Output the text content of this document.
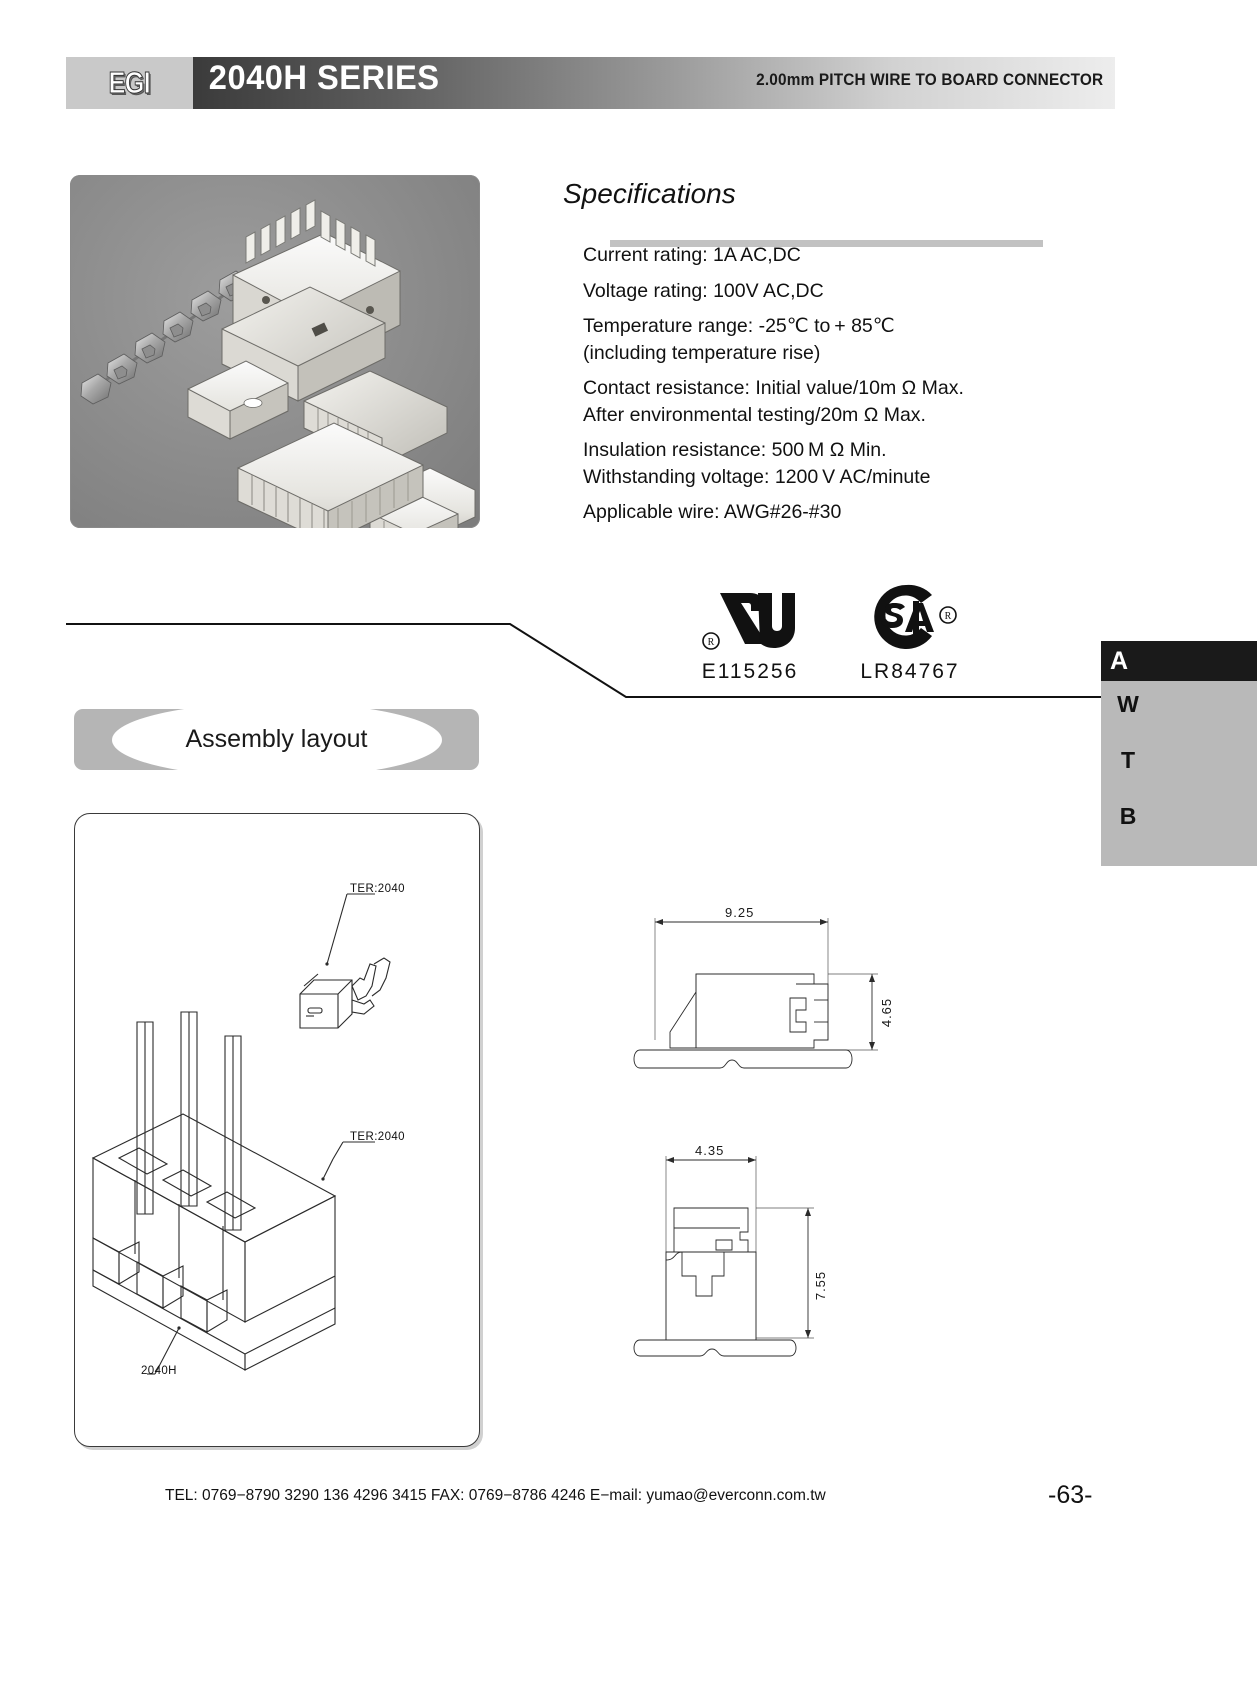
EGI 2040H SERIES	2.00mm PITCH WIRE TO BOARD CONNECTOR
Specifications
Current rating: 1A AC,DC
Voltage rating: 100V AC,DC
Temperature range: -25℃ to + 85℃
(including temperature rise)
Contact resistance: Initial value/10m Ω Max.
After environmental testing/20m Ω Max.
Insulation resistance: 500 M Ω Min.
Withstanding voltage: 1200 V AC/minute
Applicable wire: AWG#26-#30
R
E115256
R
LR84767
Assembly layout
TER:2040
TER:2040
2040H
9.25
4.65
4.35
7.55
A
W T B
TEL: 0769−8790 3290 136 4296 3415 FAX: 0769−8786 4246 E−mail: yumao@everconn.com.tw	-63-
